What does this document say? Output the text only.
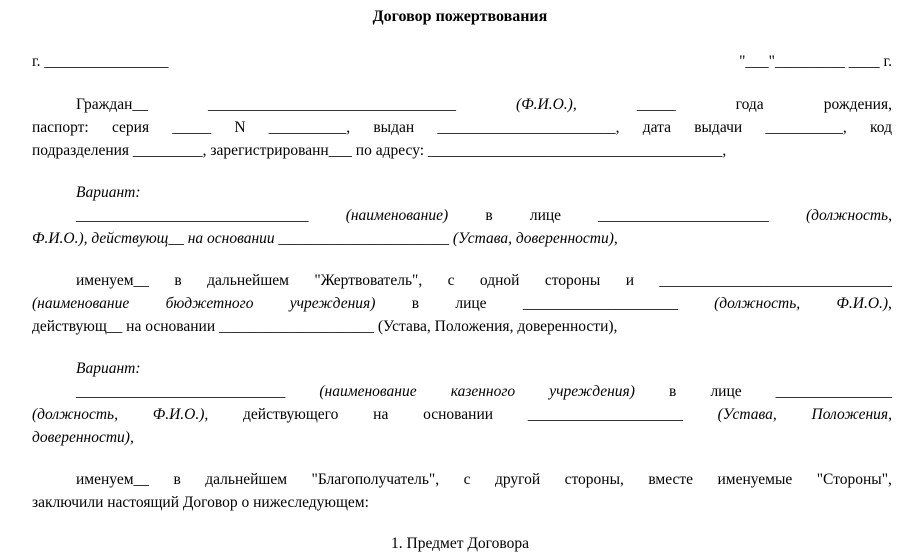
Договор пожертвования
г. ________________	"___"_________ ____ г.
Граждан__	________________________________	(Ф.И.О.),	_____	года	рождения,
паспорт: серия _____ N __________, выдан _______________________, дата выдачи __________, код
подразделения _________, зарегистрированн___ по адресу: ______________________________________,
Вариант:
______________________________ (наименование) в лице ______________________ (должность,
Ф.И.О.), действующ__ на основании ______________________ (Устава, доверенности),
именуем__ в дальнейшем "Жертвователь", с одной стороны и ______________________________
(наименование бюджетного учреждения) в лице ____________________ (должность, Ф.И.О.),
действующ__ на основании ____________________ (Устава, Положения, доверенности),
Вариант:
___________________________ (наименование казенного учреждения) в лице _______________
(должность, Ф.И.О.), действующего на основании ____________________ (Устава, Положения,
доверенности),
именуем__ в дальнейшем "Благополучатель", с другой стороны, вместе именуемые "Стороны",
заключили настоящий Договор о нижеследующем:
1. Предмет Договора
